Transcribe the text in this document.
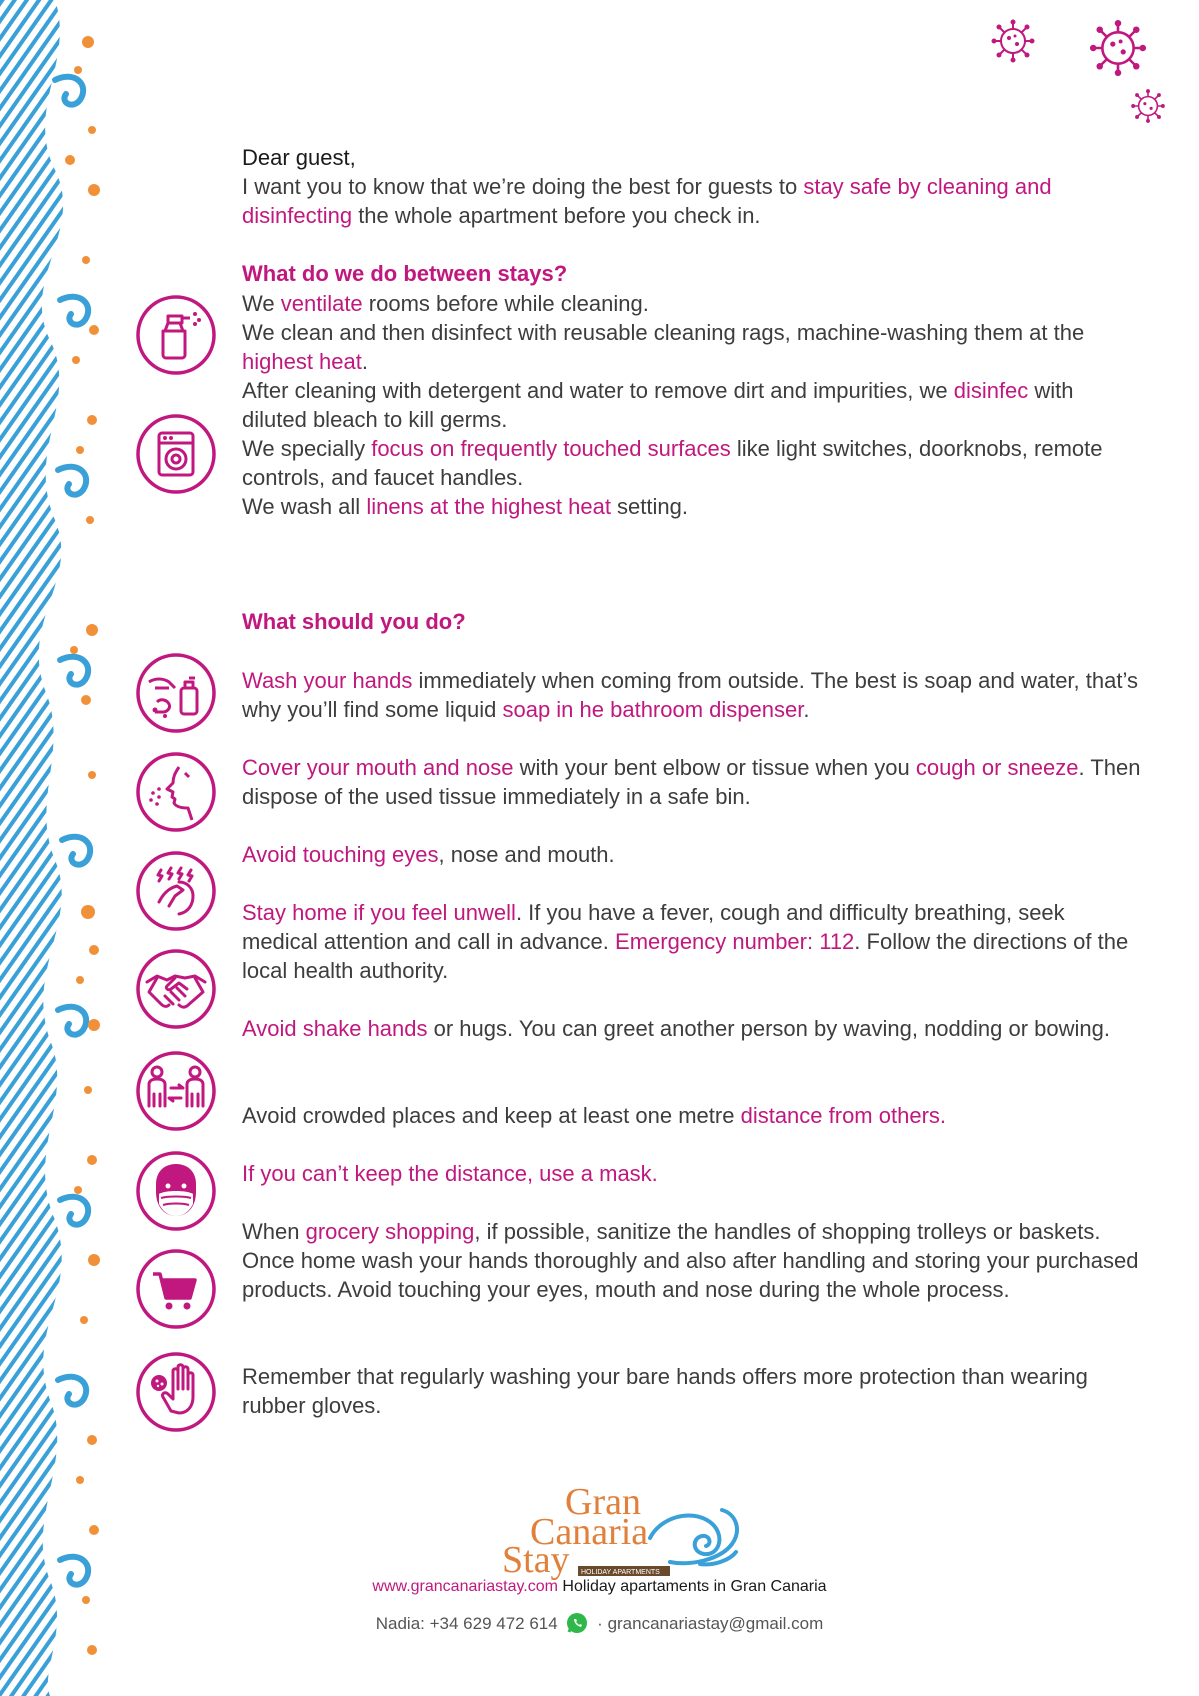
Dear guest,

I want you to know that we’re doing the best for guests to stay safe by cleaning and disinfecting the whole apartment before you check in.

What do we do between stays?

We ventilate rooms before while cleaning.

We clean and then disinfect with reusable cleaning rags, machine-washing them at the highest heat.

After cleaning with detergent and water to remove dirt and impurities, we disinfec with diluted bleach to kill germs.

We specially focus on frequently touched surfaces like light switches, doorknobs, remote controls, and faucet handles.

We wash all linens at the highest heat setting.

What should you do?

Wash your hands immediately when coming from outside. The best is soap and water, that’s why you’ll find some liquid soap in he bathroom dispenser.

Cover your mouth and nose with your bent elbow or tissue when you cough or sneeze. Then dispose of the used tissue immediately in a safe bin.

Avoid touching eyes, nose and mouth.

Stay home if you feel unwell. If you have a fever, cough and difficulty breathing, seek medical attention and call in advance. Emergency number: 112. Follow the directions of the local health authority.

Avoid shake hands or hugs. You can greet another person by waving, nodding or bowing.

Avoid crowded places and keep at least one metre distance from others.

If you can’t keep the distance, use a mask.

When grocery shopping, if possible, sanitize the handles of shopping trolleys or baskets. Once home wash your hands thoroughly and also after handling and storing your purchased products. Avoid touching your eyes, mouth and nose during the whole process.

Remember that regularly washing your bare hands offers more protection than wearing rubber gloves.

Gran
Canaria
Stay HOLIDAY APARTMENTS
www.grancanariastay.com Holiday apartaments in Gran Canaria
Nadia: +34 629 472 614  · grancanariastay@gmail.com
